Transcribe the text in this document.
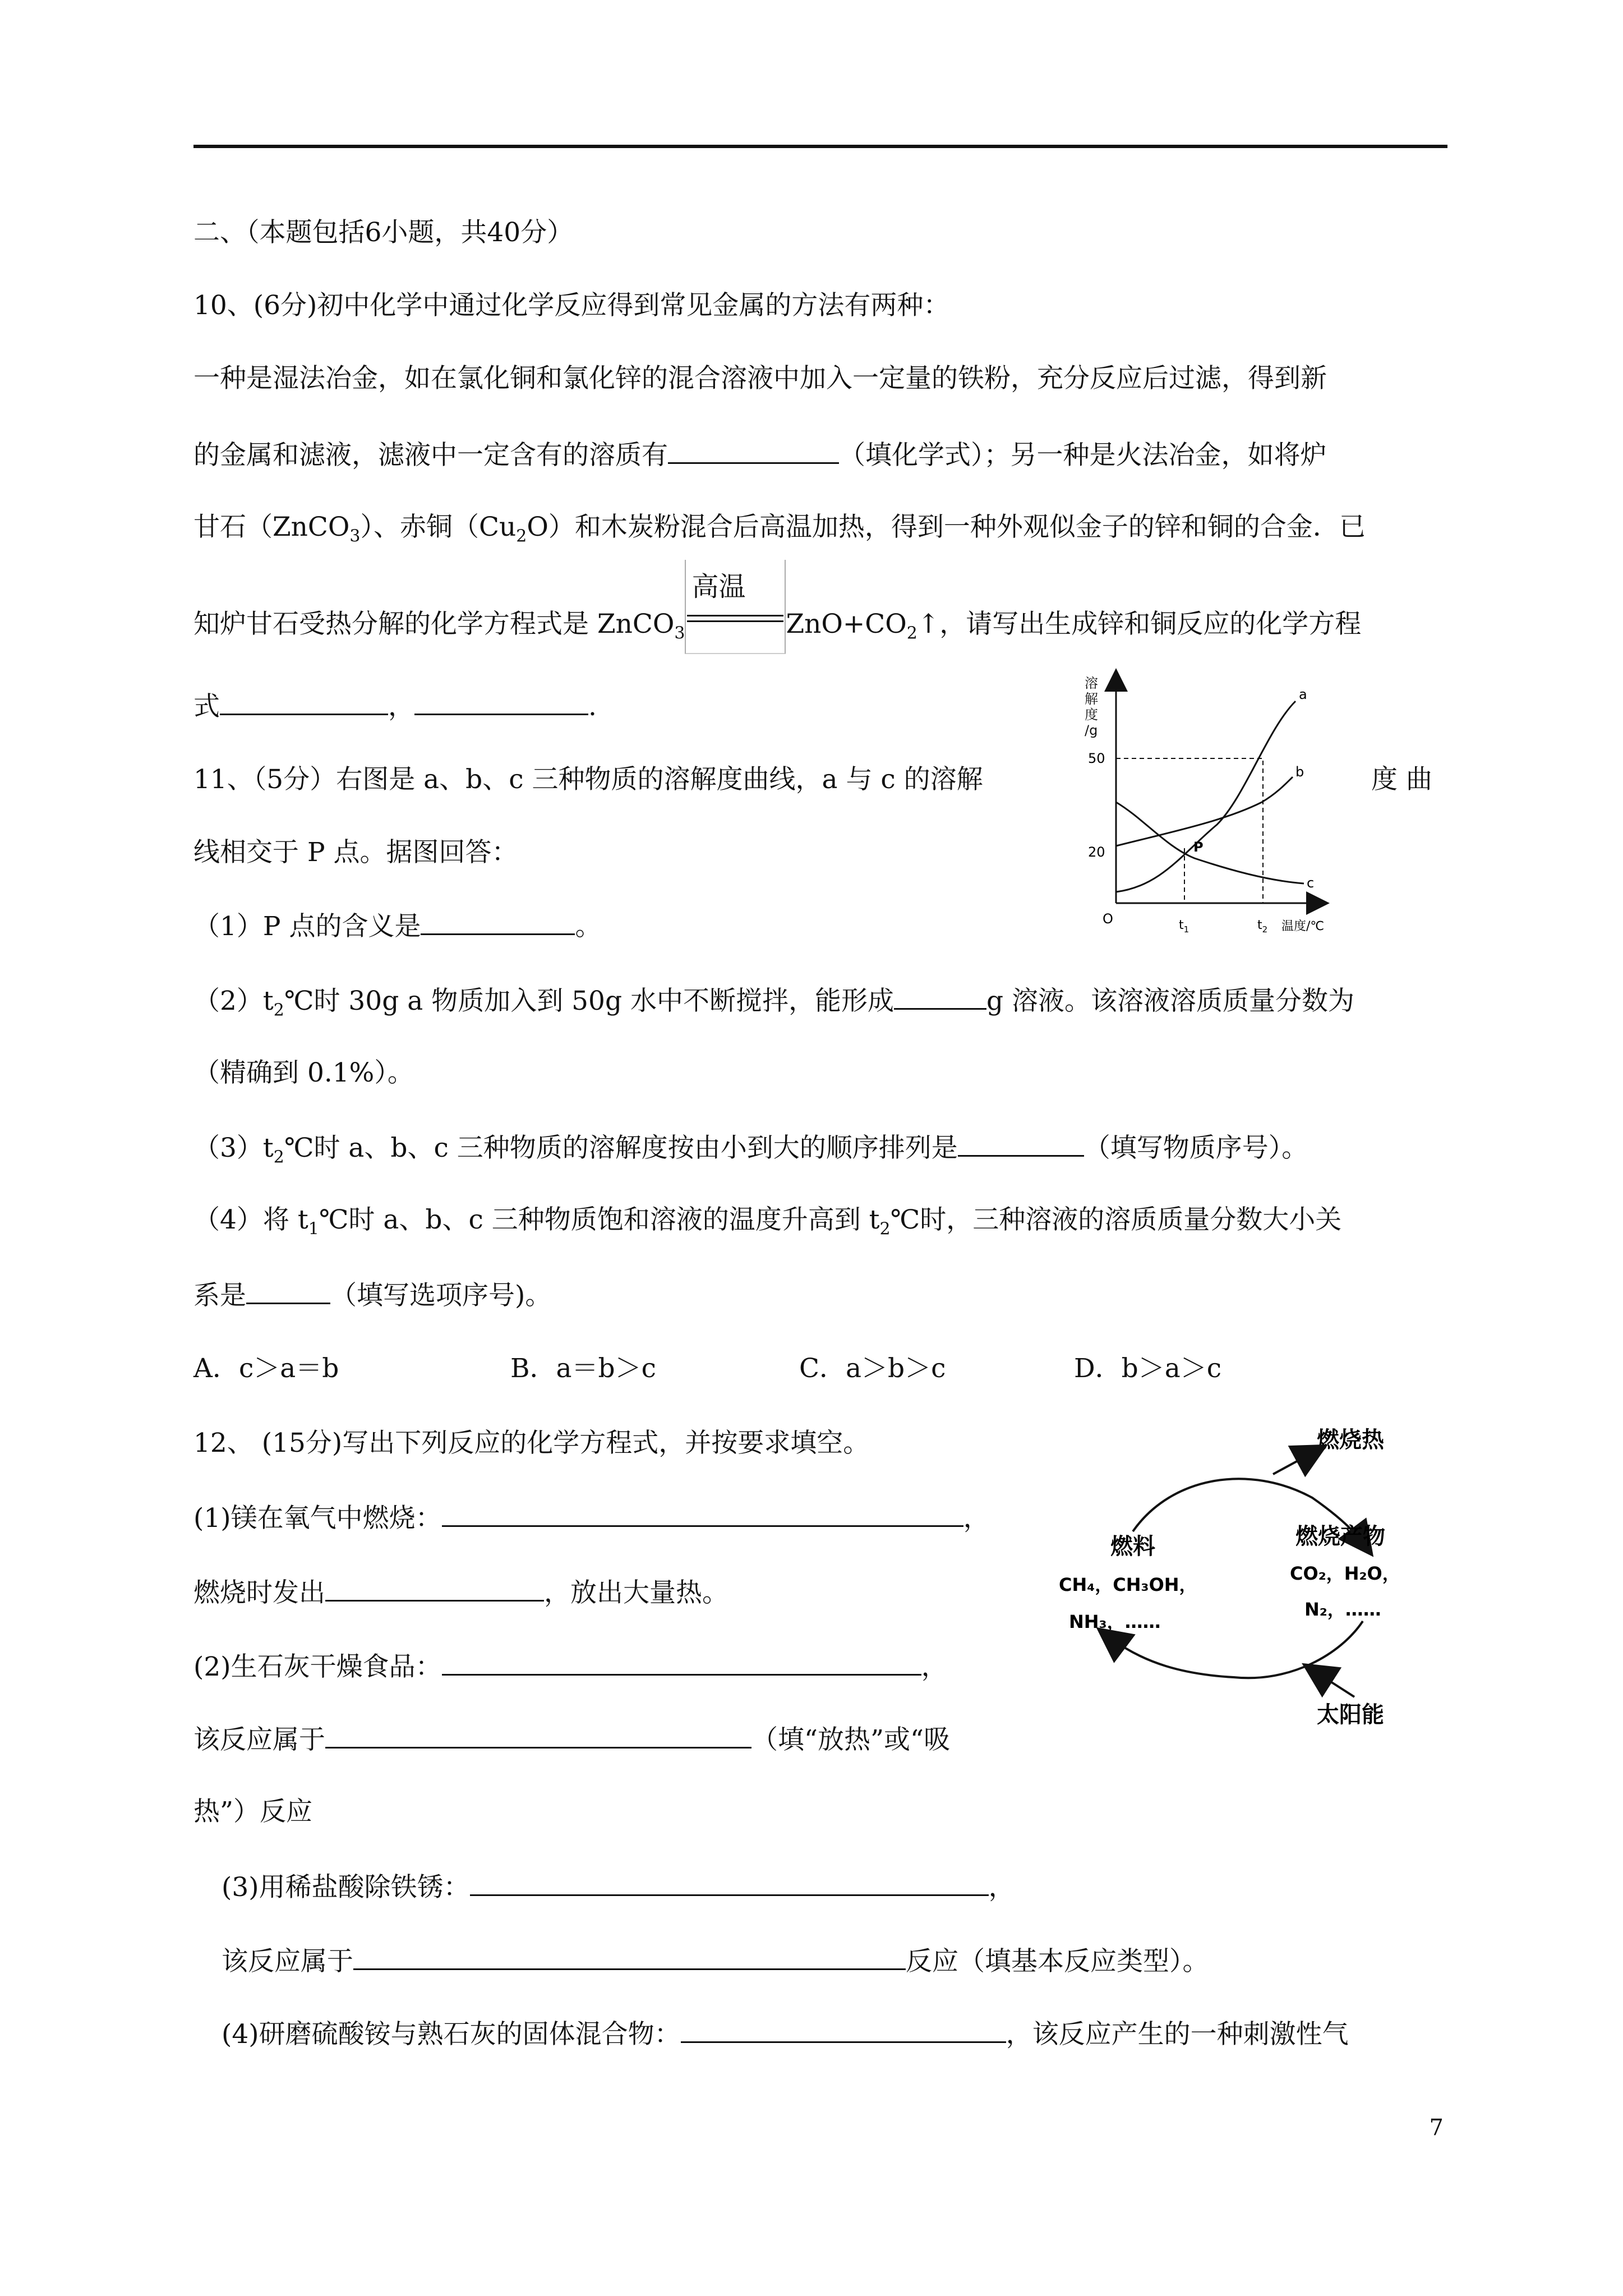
二、（本题包括6小题，共40分）
10、(6分)初中化学中通过化学反应得到常见金属的方法有两种：
一种是湿法冶金，如在氯化铜和氯化锌的混合溶液中加入一定量的铁粉，充分反应后过滤，得到新
的金属和滤液，滤液中一定含有的溶质有	（填化学式）；另一种是火法冶金，如将炉
甘石（ZnCO$_3$）、赤铜$(Cu_2O)$和木炭粉混合后高温加热，得到一种外观似金子的锌和铜的合金．已
知炉甘石受热分解的化学方程式是 ZnCO$_3$
高温
$ZnO+CO_2↑$，请写出生成锌和铜反应的化学方程
式	，	.
11、（5分）右图是 a、b、c 三种物质的溶解度曲线，a 与 c 的溶解	度 曲
线相交于 P 点。据图回答：
（1）P 点的含义是	。
$(2)t_2℃$时 30g a 物质加入到 50g 水中不断搅拌，能形成	g 溶液。该溶液溶质质量分数为
（精确到 0.1%）。
$(3)t_2℃$时 a、b、c 三种物质的溶解度按由小到大的顺序排列是	（填写物质序号）。
（4）将 $t_1℃$时 a、b、c 三种物质饱和溶液的温度升高到 $t_2℃$时，三种溶液的溶质质量分数大小关
系是	（填写选项序号)。
A．c＞a＝b	B．a＝b＞c	C．a＞b＞c	D．b＞a＞c
溶
解
度
/g
50
20
O	$t_1$	$t_2$ 温度/℃
a
b
c
P
12、 (15分)写出下列反应的化学方程式，并按要求填空。
(1)镁在氧气中燃烧：	，
燃烧时发出	，放出大量热。
(2)生石灰干燥食品：	，
该反应属于	（填“放热”或“吸
热”）反应
(3)用稀盐酸除铁锈：	，
该反应属于	反应（填基本反应类型）。
(4)研磨硫酸铵与熟石灰的固体混合物：	，该反应产生的一种刺激性气
燃烧热
燃料
CH₄，CH₃OH，
NH₃，……
燃烧产物
CO₂，H₂O，
N₂，……
太阳能
7
